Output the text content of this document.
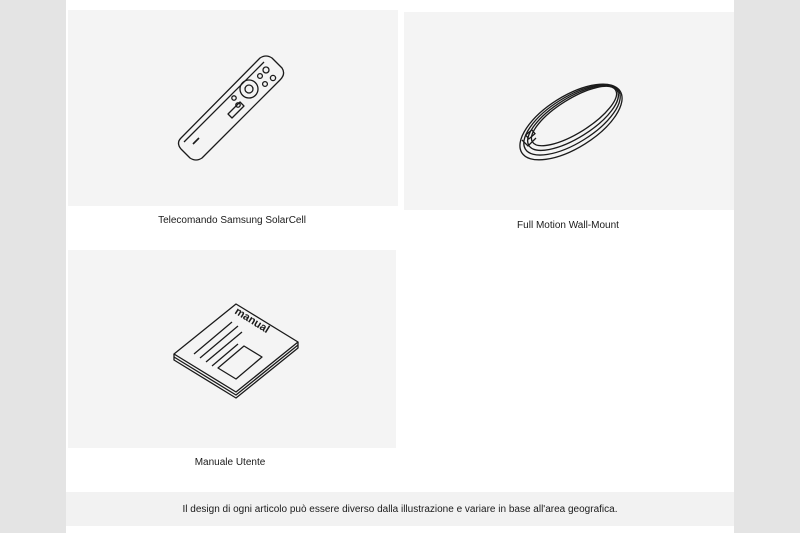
Telecomando Samsung SolarCell	Full Motion Wall-Mount
manual
Manuale Utente
Il design di ogni articolo può essere diverso dalla illustrazione e variare in base all'area geografica.
